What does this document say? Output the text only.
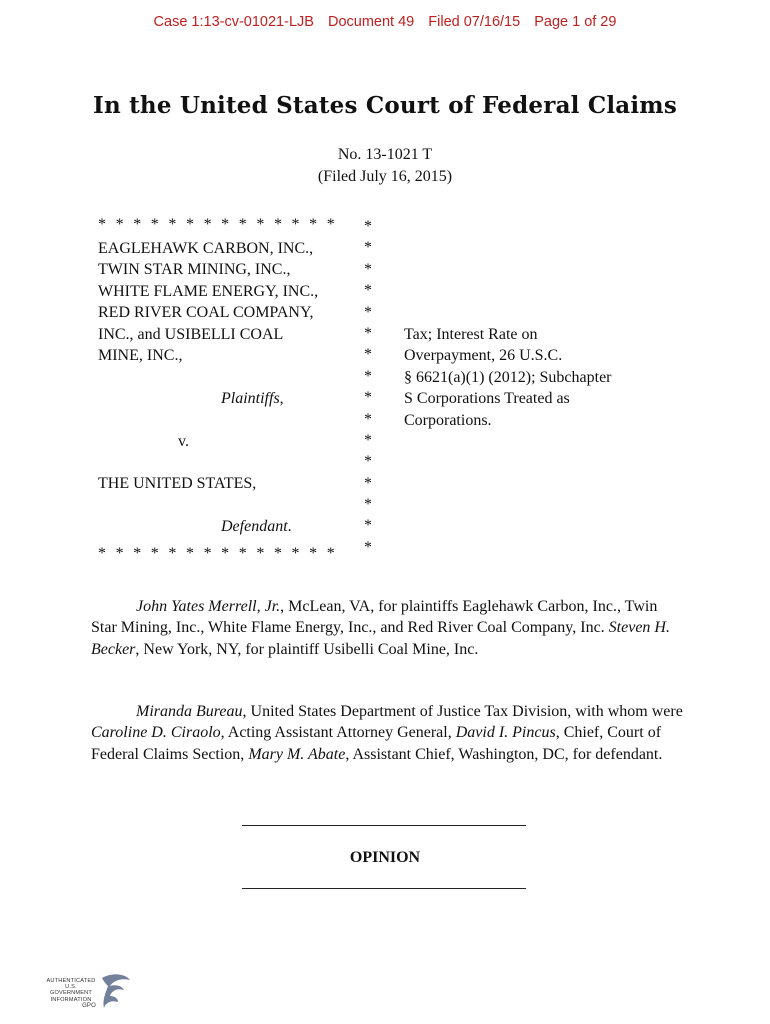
Case 1:13-cv-01021-LJB Document 49 Filed 07/16/15 Page 1 of 29
In the United States Court of Federal Claims
No. 13-1021 T
(Filed July 16, 2015)
* * * * * * * * * * * * * *
* * * * * * * * * * * * * *
*
*
*
*
*
*
*
*
*
*
*
*
*
*
*
*
EAGLEHAWK CARBON, INC.,
TWIN STAR MINING, INC.,
WHITE FLAME ENERGY, INC.,
RED RIVER COAL COMPANY,
INC., and USIBELLI COAL
MINE, INC.,
Plaintiffs,
v.
THE UNITED STATES,
Defendant.
Tax; Interest Rate on
Overpayment, 26 U.S.C.
§ 6621(a)(1) (2012); Subchapter
S Corporations Treated as
Corporations.
John Yates Merrell, Jr., McLean, VA, for plaintiffs Eaglehawk Carbon, Inc., Twin Star Mining, Inc., White Flame Energy, Inc., and Red River Coal Company, Inc. Steven H. Becker, New York, NY, for plaintiff Usibelli Coal Mine, Inc.
Miranda Bureau, United States Department of Justice Tax Division, with whom were Caroline D. Ciraolo, Acting Assistant Attorney General, David I. Pincus, Chief, Court of Federal Claims Section, Mary M. Abate, Assistant Chief, Washington, DC, for defendant.
OPINION
AUTHENTICATED
U.S. GOVERNMENT
INFORMATION
GPO
